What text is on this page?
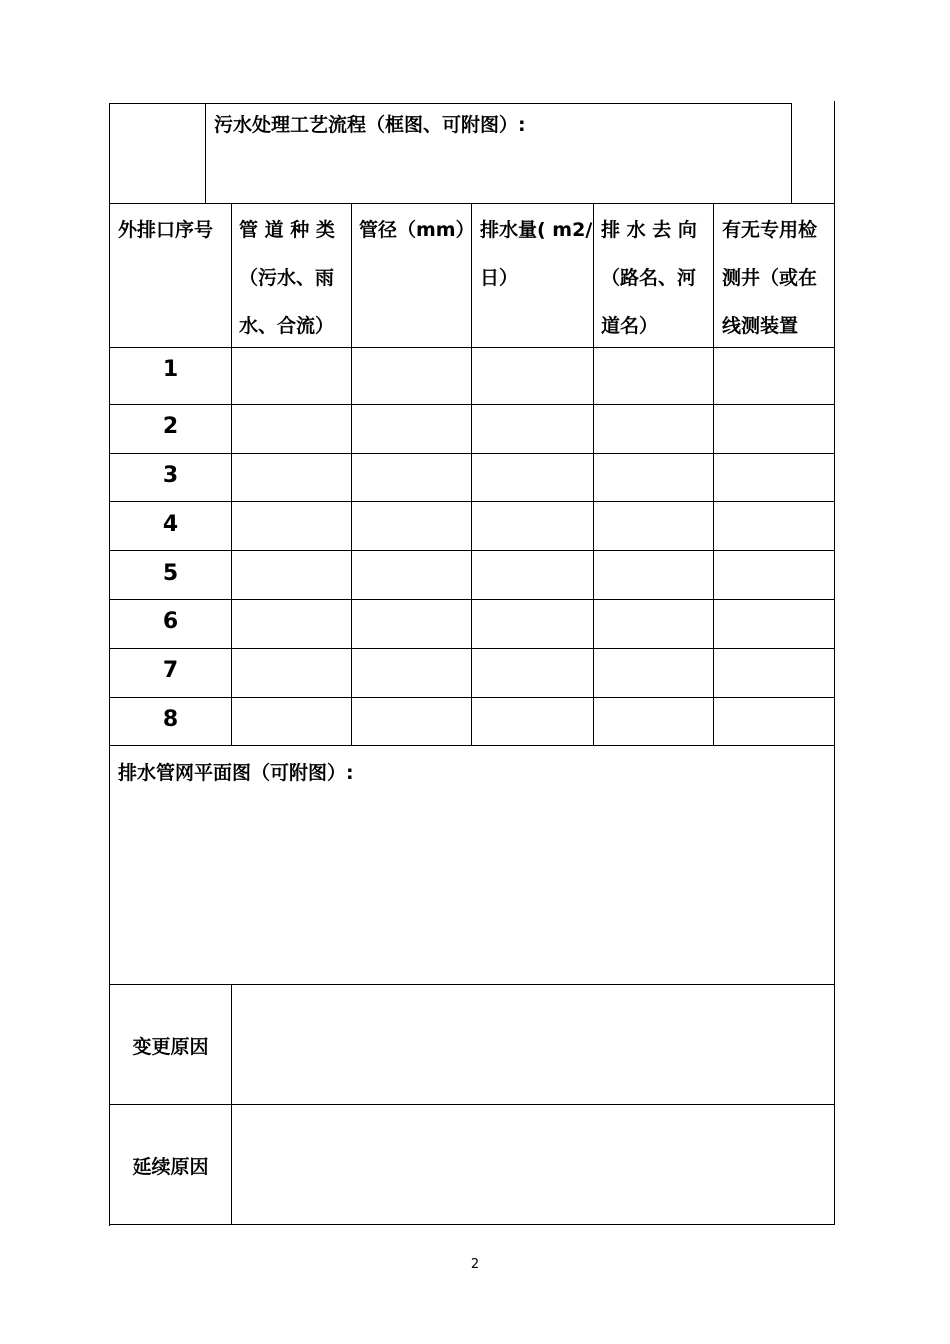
污水处理工艺流程（框图、可附图）:
外排口序号 管 道 种 类
（污水、雨
水、合流）
管径（mm） 排水量( m2/
日）
排 水 去 向
（路名、河
道名）
有无专用检
测井（或在
线测装置
1
2
3
4
5
6
7
8
排水管网平面图（可附图）:
变更原因
延续原因
2
